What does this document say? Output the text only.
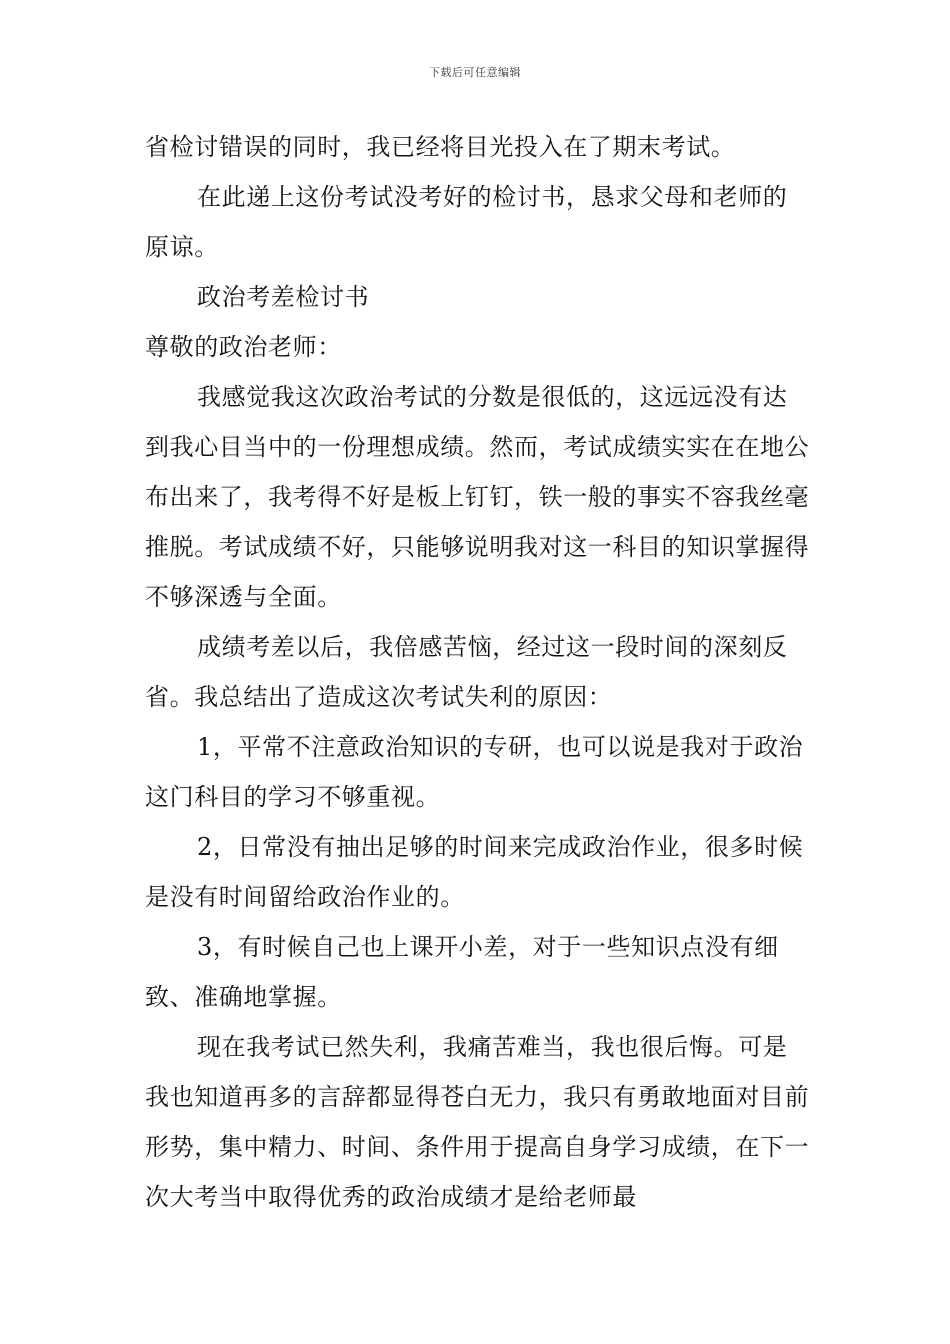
下载后可任意编辑

省检讨错误的同时，我已经将目光投入在了期末考试。

在此递上这份考试没考好的检讨书，恳求父母和老师的原谅。

政治考差检讨书

尊敬的政治老师：

我感觉我这次政治考试的分数是很低的，这远远没有达到我心目当中的一份理想成绩。然而，考试成绩实实在在地公布出来了，我考得不好是板上钉钉，铁一般的事实不容我丝毫推脱。考试成绩不好，只能够说明我对这一科目的知识掌握得不够深透与全面。

成绩考差以后，我倍感苦恼，经过这一段时间的深刻反省。我总结出了造成这次考试失利的原因：

1，平常不注意政治知识的专研，也可以说是我对于政治这门科目的学习不够重视。

2，日常没有抽出足够的时间来完成政治作业，很多时候是没有时间留给政治作业的。

3，有时候自己也上课开小差，对于一些知识点没有细致、准确地掌握。

现在我考试已然失利，我痛苦难当，我也很后悔。可是我也知道再多的言辞都显得苍白无力，我只有勇敢地面对目前形势，集中精力、时间、条件用于提高自身学习成绩，在下一次大考当中取得优秀的政治成绩才是给老师最
